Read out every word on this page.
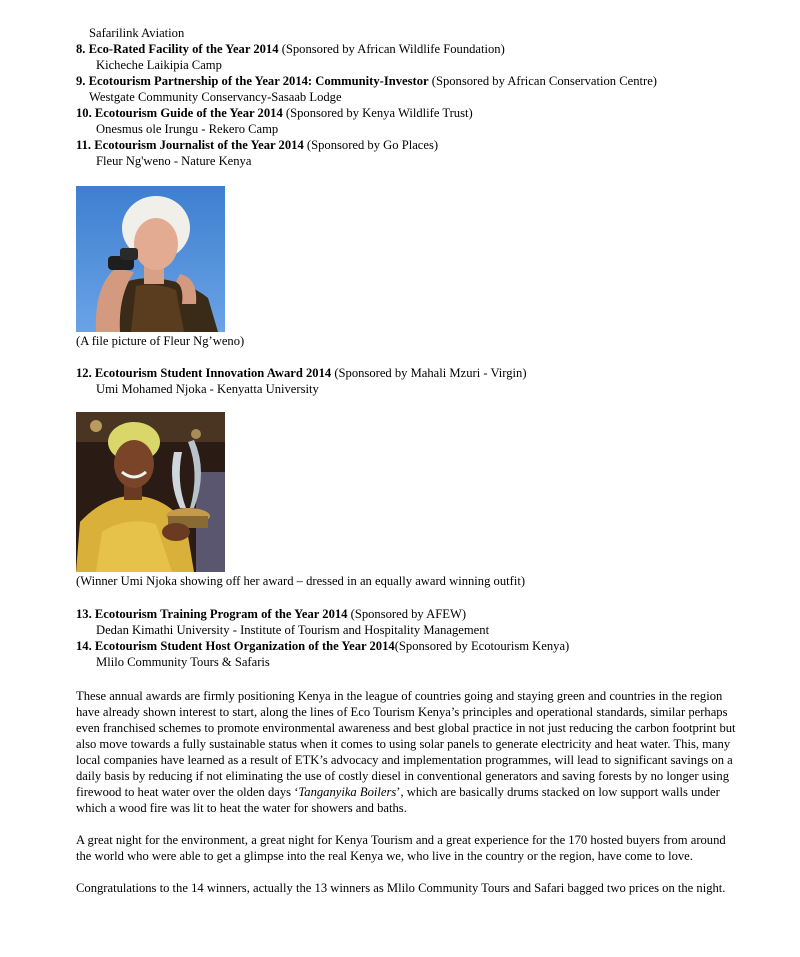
Safarilink Aviation
8. Eco-Rated Facility of the Year 2014 (Sponsored by African Wildlife Foundation)
Kicheche Laikipia Camp
9. Ecotourism Partnership of the Year 2014: Community-Investor (Sponsored by African Conservation Centre)
Westgate Community Conservancy-Sasaab Lodge
10. Ecotourism Guide of the Year 2014 (Sponsored by Kenya Wildlife Trust)
Onesmus ole Irungu - Rekero Camp
11. Ecotourism Journalist of the Year 2014 (Sponsored by Go Places)
Fleur Ng'weno - Nature Kenya
(A file picture of Fleur Ng’weno)
12. Ecotourism Student Innovation Award 2014 (Sponsored by Mahali Mzuri - Virgin)
Umi Mohamed Njoka - Kenyatta University
(Winner Umi Njoka showing off her award – dressed in an equally award winning outfit)
13. Ecotourism Training Program of the Year 2014 (Sponsored by AFEW)
Dedan Kimathi University - Institute of Tourism and Hospitality Management
14. Ecotourism Student Host Organization of the Year 2014(Sponsored by Ecotourism Kenya)
Mlilo Community Tours & Safaris

These annual awards are firmly positioning Kenya in the league of countries going and staying green and countries in the region have already shown interest to start, along the lines of Eco Tourism Kenya’s principles and operational standards, similar perhaps even franchised schemes to promote environmental awareness and best global practice in not just reducing the carbon footprint but also move towards a fully sustainable status when it comes to using solar panels to generate electricity and heat water. This, many local companies have learned as a result of ETK’s advocacy and implementation programmes, will lead to significant savings on a daily basis by reducing if not eliminating the use of costly diesel in conventional generators and saving forests by no longer using firewood to heat water over the olden days ‘Tanganyika Boilers’, which are basically drums stacked on low support walls under which a wood fire was lit to heat the water for showers and baths.

A great night for the environment, a great night for Kenya Tourism and a great experience for the 170 hosted buyers from around the world who were able to get a glimpse into the real Kenya we, who live in the country or the region, have come to love.

Congratulations to the 14 winners, actually the 13 winners as Mlilo Community Tours and Safari bagged two prices on the night.
